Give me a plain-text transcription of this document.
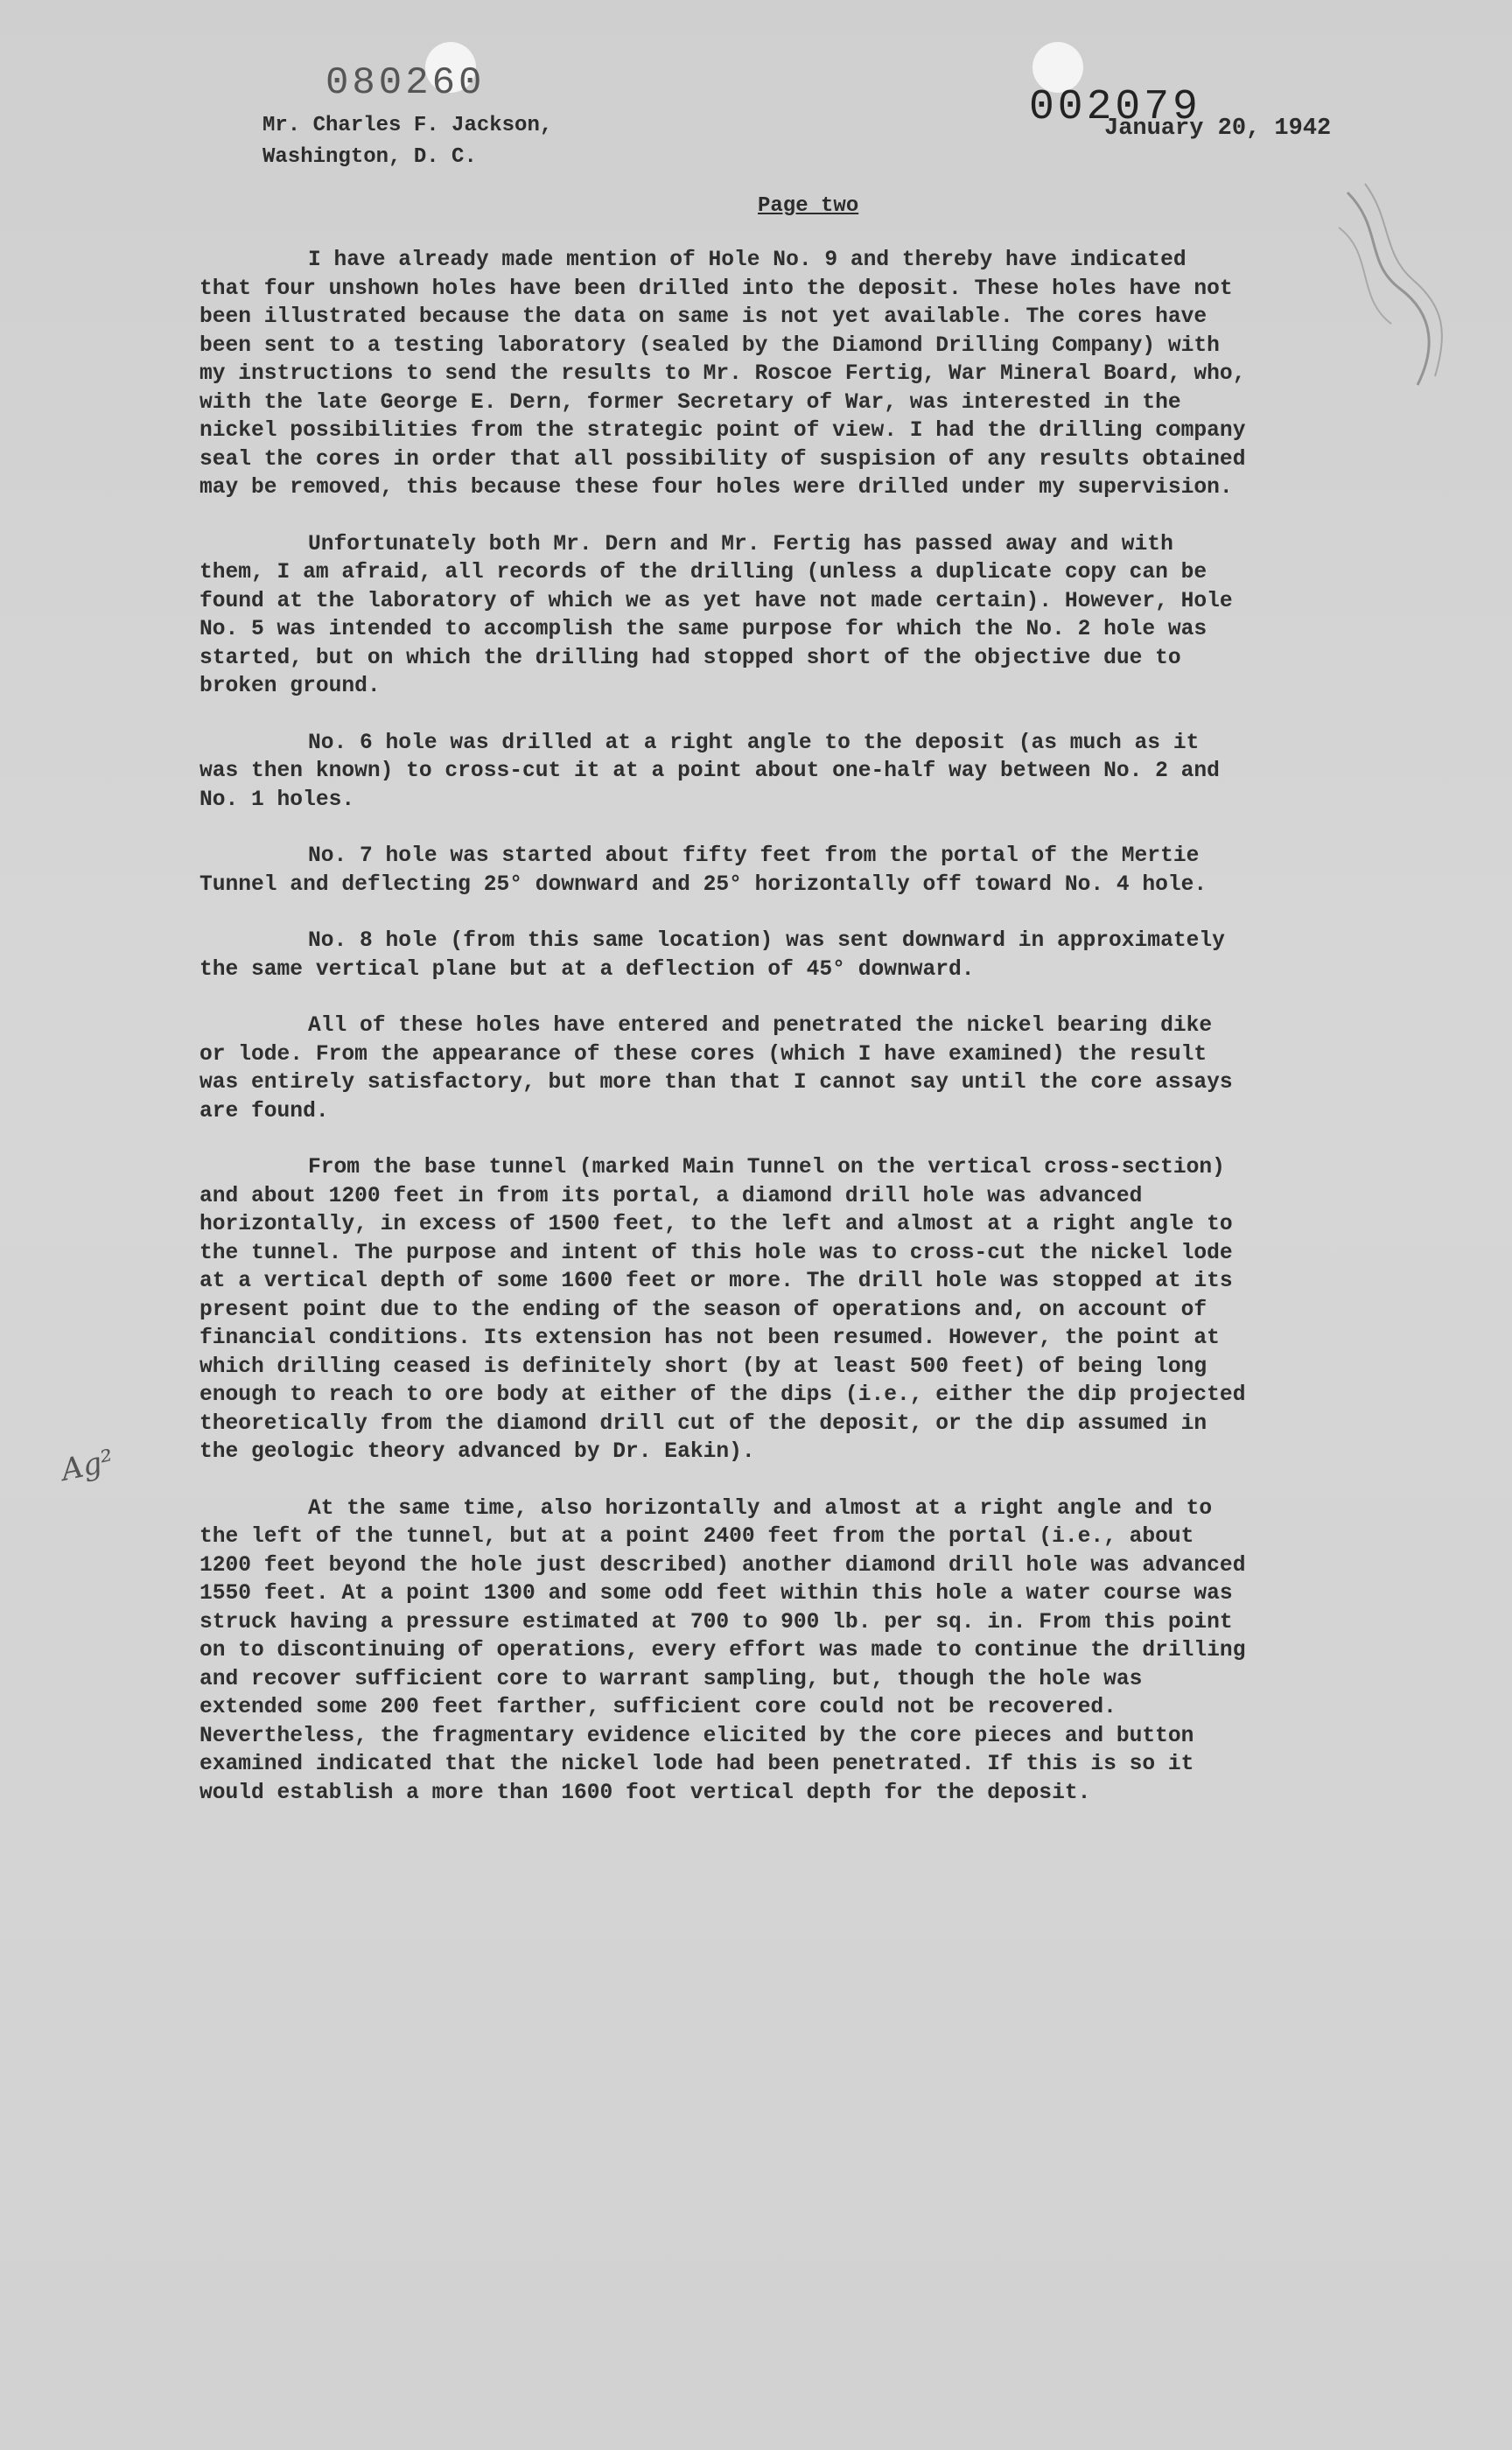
080260
002079
Mr. Charles F. Jackson,
Washington, D. C.
January 20, 1942
Page two
Ag²

I have already made mention of Hole No. 9 and thereby have indicated that four unshown holes have been drilled into the deposit. These holes have not been illustrated because the data on same is not yet available. The cores have been sent to a testing laboratory (sealed by the Diamond Drilling Company) with my instructions to send the results to Mr. Roscoe Fertig, War Mineral Board, who, with the late George E. Dern, former Secretary of War, was interested in the nickel possibilities from the strategic point of view. I had the drilling company seal the cores in order that all possibility of suspision of any results obtained may be removed, this because these four holes were drilled under my supervision.

Unfortunately both Mr. Dern and Mr. Fertig has passed away and with them, I am afraid, all records of the drilling (unless a duplicate copy can be found at the laboratory of which we as yet have not made certain). However, Hole No. 5 was intended to accomplish the same purpose for which the No. 2 hole was started, but on which the drilling had stopped short of the objective due to broken ground.

No. 6 hole was drilled at a right angle to the deposit (as much as it was then known) to cross-cut it at a point about one-half way between No. 2 and No. 1 holes.

No. 7 hole was started about fifty feet from the portal of the Mertie Tunnel and deflecting 25° downward and 25° horizontally off toward No. 4 hole.

No. 8 hole (from this same location) was sent downward in approximately the same vertical plane but at a deflection of 45° downward.

All of these holes have entered and penetrated the nickel bearing dike or lode. From the appearance of these cores (which I have examined) the result was entirely satisfactory, but more than that I cannot say until the core assays are found.

From the base tunnel (marked Main Tunnel on the vertical cross-section) and about 1200 feet in from its portal, a diamond drill hole was advanced horizontally, in excess of 1500 feet, to the left and almost at a right angle to the tunnel. The purpose and intent of this hole was to cross-cut the nickel lode at a vertical depth of some 1600 feet or more. The drill hole was stopped at its present point due to the ending of the season of operations and, on account of financial conditions. Its extension has not been resumed. However, the point at which drilling ceased is definitely short (by at least 500 feet) of being long enough to reach to ore body at either of the dips (i.e., either the dip projected theoretically from the diamond drill cut of the deposit, or the dip assumed in the geologic theory advanced by Dr. Eakin).

At the same time, also horizontally and almost at a right angle and to the left of the tunnel, but at a point 2400 feet from the portal (i.e., about 1200 feet beyond the hole just described) another diamond drill hole was advanced 1550 feet. At a point 1300 and some odd feet within this hole a water course was struck having a pressure estimated at 700 to 900 lb. per sq. in. From this point on to discontinuing of operations, every effort was made to continue the drilling and recover sufficient core to warrant sampling, but, though the hole was extended some 200 feet farther, sufficient core could not be recovered. Nevertheless, the fragmentary evidence elicited by the core pieces and button examined indicated that the nickel lode had been penetrated. If this is so it would establish a more than 1600 foot vertical depth for the deposit.
